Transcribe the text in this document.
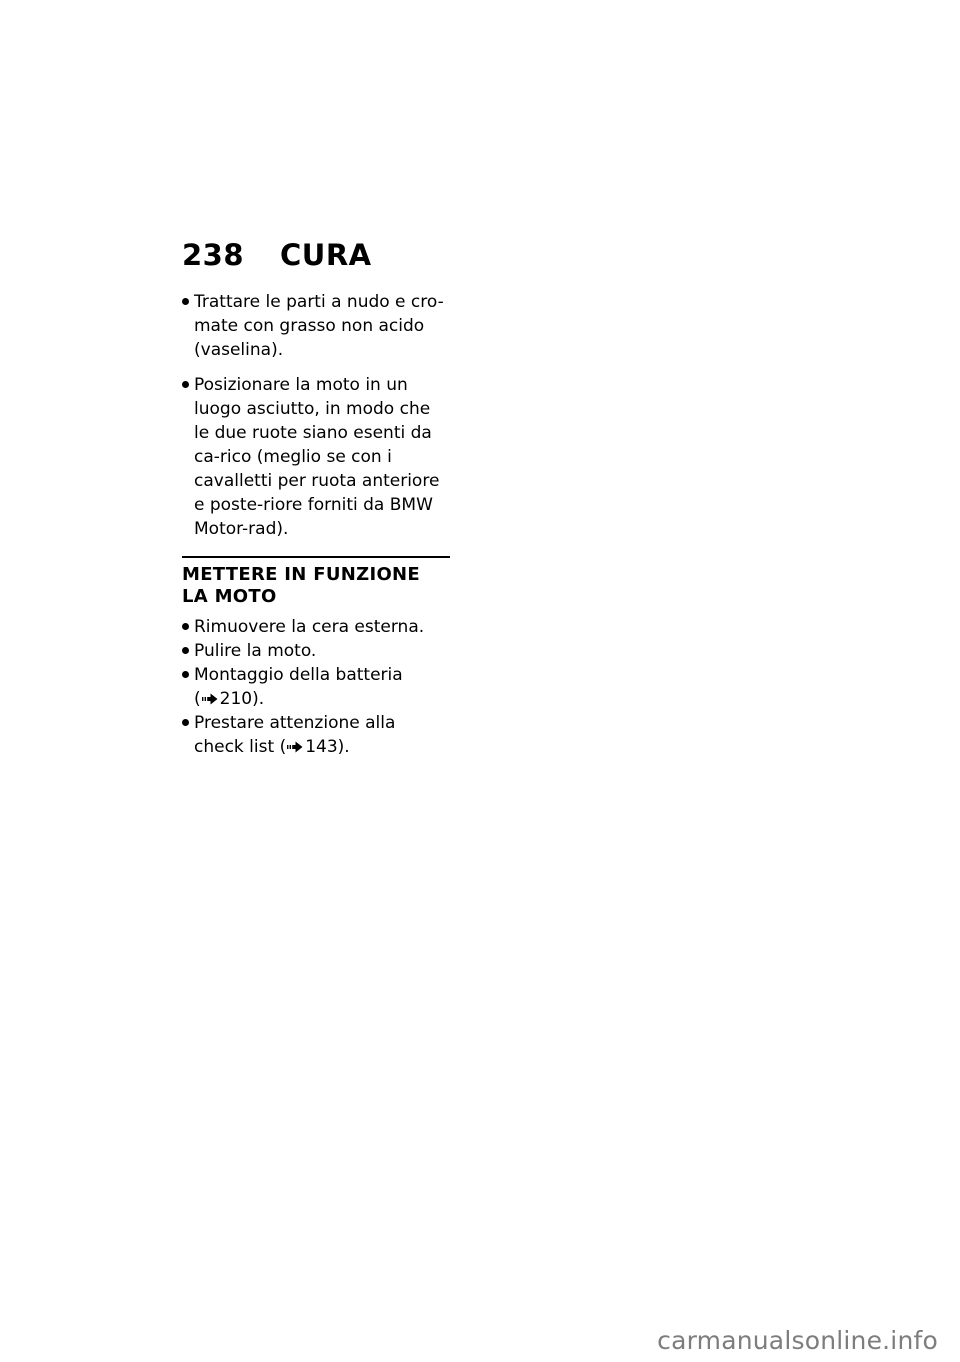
238	CURA
Trattare le parti a nudo e cro-mate con grasso non acido (vaselina).
Posizionare la moto in un luogo asciutto, in modo che le due ruote siano esenti da ca-rico (meglio se con i cavalletti per ruota anteriore e poste-riore forniti da BMW Motor-rad).
METTERE IN FUNZIONE LA MOTO
Rimuovere la cera esterna.
Pulire la moto.
Montaggio della batteria ( 210).
Prestare attenzione alla check list ( 143).
carmanualsonline.info
